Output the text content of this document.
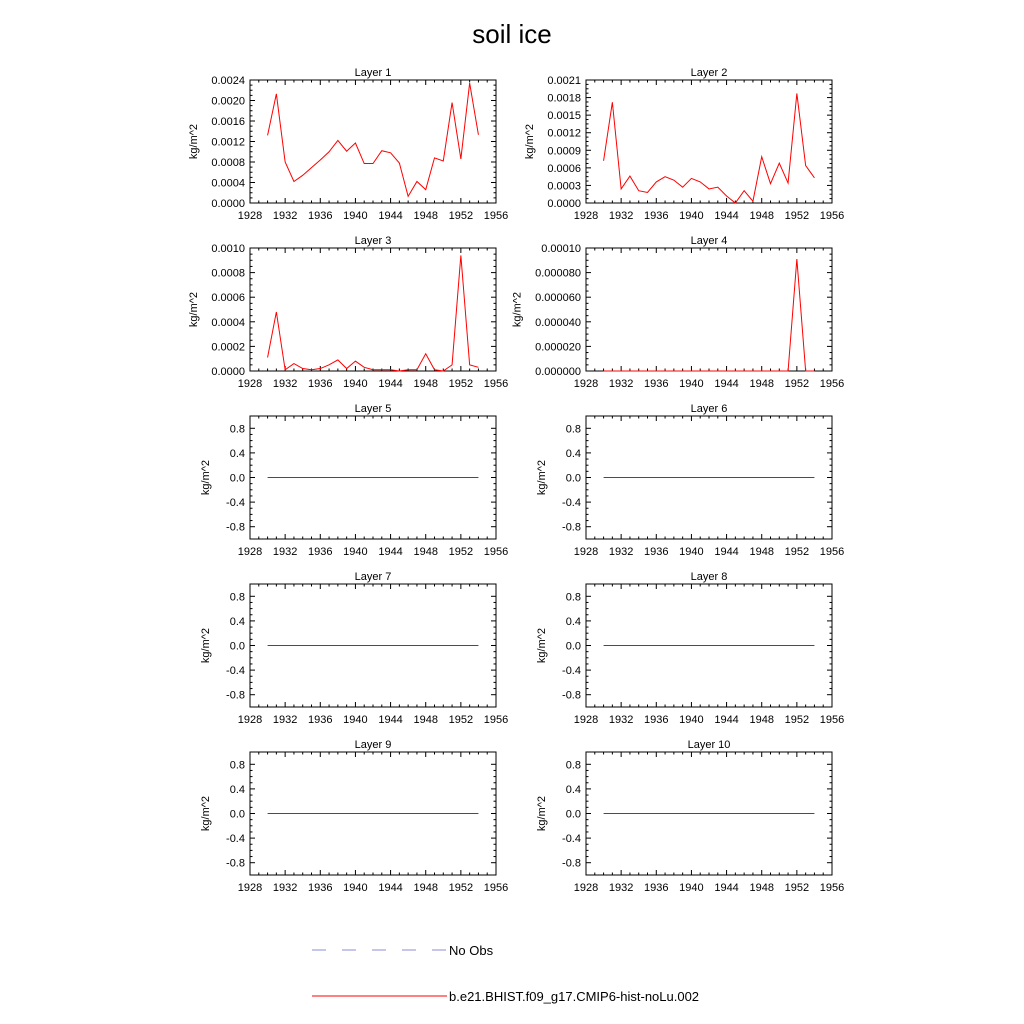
soil ice
Layer 1
1928 1932 1936 1940 1944 1948 1952 1956
0.0000
0.0004
0.0008
0.0012
0.0016
0.0020
0.0024
kg/m^2
Layer 2
1928 1932 1936 1940 1944 1948 1952 1956
0.0000
0.0003
0.0006
0.0009
0.0012
0.0015
0.0018
0.0021
kg/m^2
Layer 3
1928 1932 1936 1940 1944 1948 1952 1956
0.0000
0.0002
0.0004
0.0006
0.0008
0.0010
kg/m^2
Layer 4
1928 1932 1936 1940 1944 1948 1952 1956
0.000000
0.000020
0.000040
0.000060
0.000080
0.00010
kg/m^2
Layer 5
1928 1932 1936 1940 1944 1948 1952 1956
-0.8
-0.4
0.0
0.4
0.8
kg/m^2
Layer 6
1928 1932 1936 1940 1944 1948 1952 1956
-0.8
-0.4
0.0
0.4
0.8
kg/m^2
Layer 7
1928 1932 1936 1940 1944 1948 1952 1956
-0.8
-0.4
0.0
0.4
0.8
kg/m^2
Layer 8
1928 1932 1936 1940 1944 1948 1952 1956
-0.8
-0.4
0.0
0.4
0.8
kg/m^2
Layer 9
1928 1932 1936 1940 1944 1948 1952 1956
-0.8
-0.4
0.0
0.4
0.8
kg/m^2
Layer 10
1928 1932 1936 1940 1944 1948 1952 1956
-0.8
-0.4
0.0
0.4
0.8
kg/m^2
No Obs
b.e21.BHIST.f09_g17.CMIP6-hist-noLu.002
